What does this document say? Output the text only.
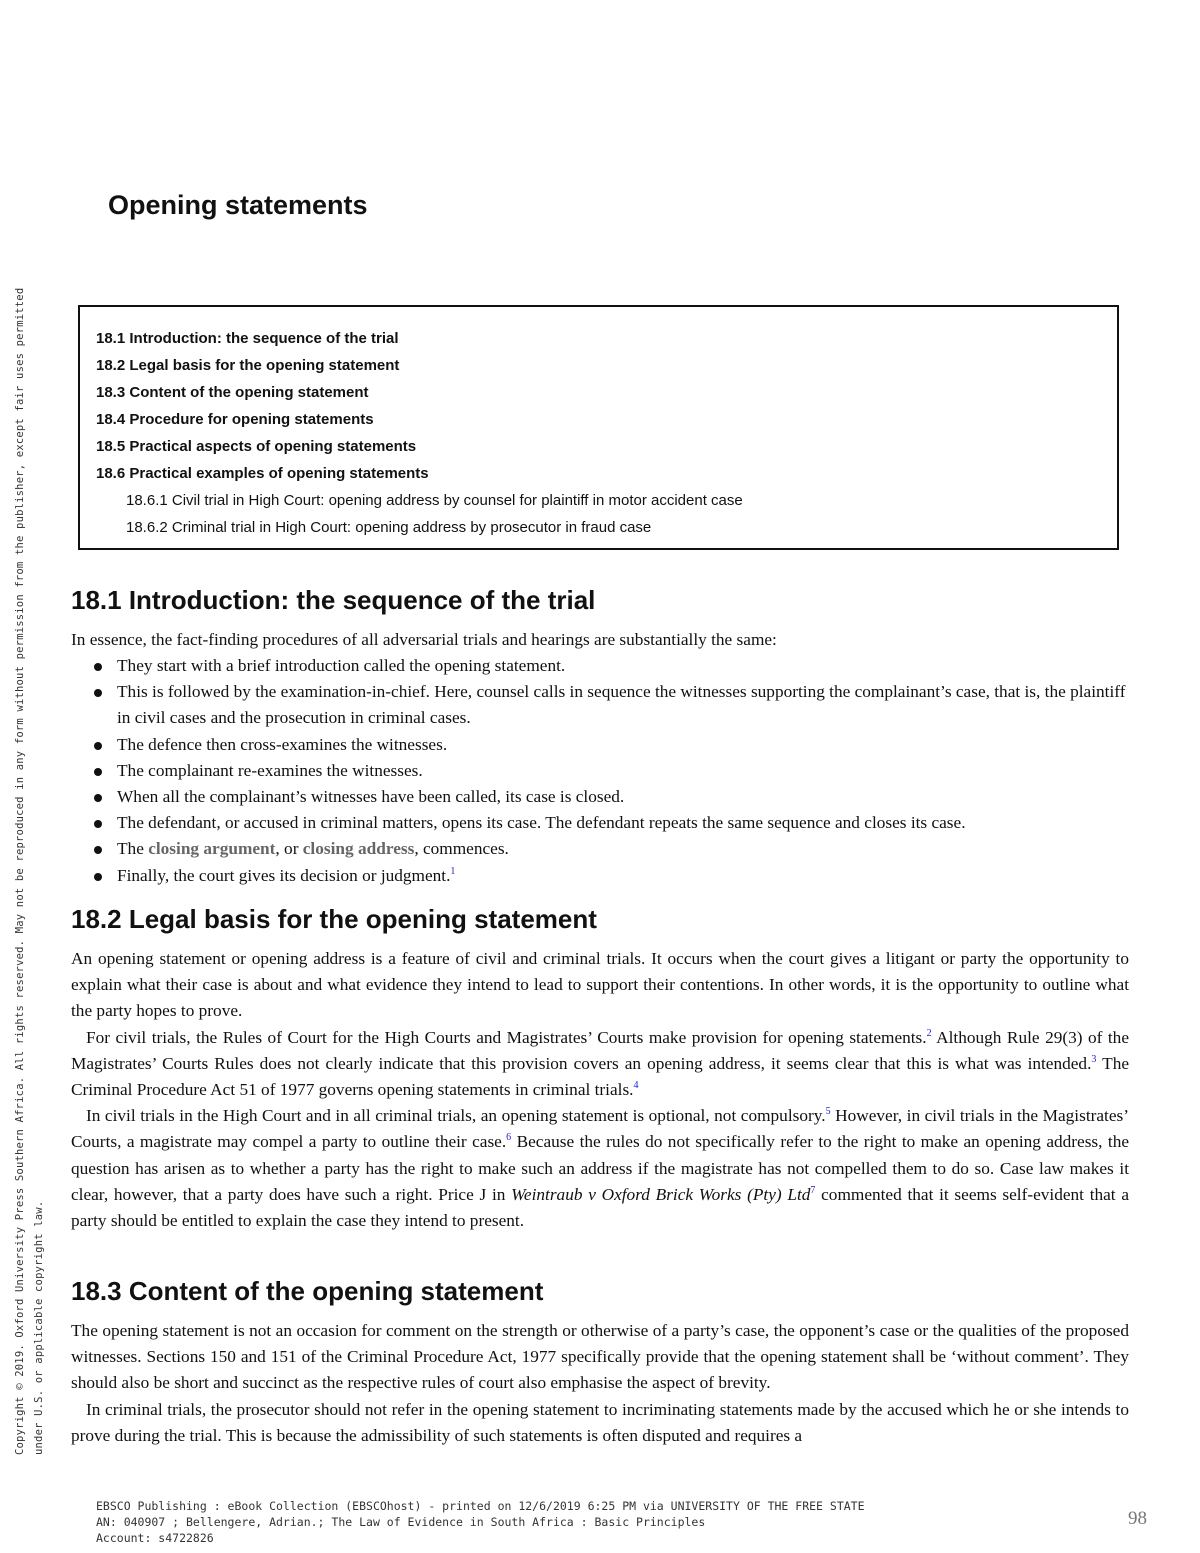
Copyright © 2019. Oxford University Press Southern Africa. All rights reserved. May not be reproduced in any form without permission from the publisher, except fair uses permitted under U.S. or applicable copyright law.
Opening statements
18.1 Introduction: the sequence of the trial
18.2 Legal basis for the opening statement
18.3 Content of the opening statement
18.4 Procedure for opening statements
18.5 Practical aspects of opening statements
18.6 Practical examples of opening statements
18.6.1 Civil trial in High Court: opening address by counsel for plaintiff in motor accident case
18.6.2 Criminal trial in High Court: opening address by prosecutor in fraud case
18.1 Introduction: the sequence of the trial

In essence, the fact-finding procedures of all adversarial trials and hearings are substantially the same:

They start with a brief introduction called the opening statement.
This is followed by the examination-in-chief. Here, counsel calls in sequence the witnesses supporting the complainant’s case, that is, the plaintiff in civil cases and the prosecution in criminal cases.
The defence then cross-examines the witnesses.
The complainant re-examines the witnesses.
When all the complainant’s witnesses have been called, its case is closed.
The defendant, or accused in criminal matters, opens its case. The defendant repeats the same sequence and closes its case.
The closing argument, or closing address, commences.
Finally, the court gives its decision or judgment.$^1$
18.2 Legal basis for the opening statement

An opening statement or opening address is a feature of civil and criminal trials. It occurs when the court gives a litigant or party the opportunity to explain what their case is about and what evidence they intend to lead to support their contentions. In other words, it is the opportunity to outline what the party hopes to prove.

For civil trials, the Rules of Court for the High Courts and Magistrates’ Courts make provision for opening statements.$^2$ Although Rule 29(3) of the Magistrates’ Courts Rules does not clearly indicate that this provision covers an opening address, it seems clear that this is what was intended.$^3$ The Criminal Procedure Act 51 of 1977 governs opening statements in criminal trials.$^4$

In civil trials in the High Court and in all criminal trials, an opening statement is optional, not compulsory.$^5$ However, in civil trials in the Magistrates’ Courts, a magistrate may compel a party to outline their case.$^6$ Because the rules do not specifically refer to the right to make an opening address, the question has arisen as to whether a party has the right to make such an address if the magistrate has not compelled them to do so. Case law makes it clear, however, that a party does have such a right. Price J in Weintraub v Oxford Brick Works (Pty) Ltd$^7$ commented that it seems self-evident that a party should be entitled to explain the case they intend to present.

18.3 Content of the opening statement

The opening statement is not an occasion for comment on the strength or otherwise of a party’s case, the opponent’s case or the qualities of the proposed witnesses. Sections 150 and 151 of the Criminal Procedure Act, 1977 specifically provide that the opening statement shall be ‘without comment’. They should also be short and succinct as the respective rules of court also emphasise the aspect of brevity.

In criminal trials, the prosecutor should not refer in the opening statement to incriminating statements made by the accused which he or she intends to prove during the trial. This is because the admissibility of such statements is often disputed and requires a

EBSCO Publishing : eBook Collection (EBSCOhost) - printed on 12/6/2019 6:25 PM via UNIVERSITY OF THE FREE STATE
AN: 040907 ; Bellengere, Adrian.; The Law of Evidence in South Africa : Basic Principles
Account: s4722826
98
